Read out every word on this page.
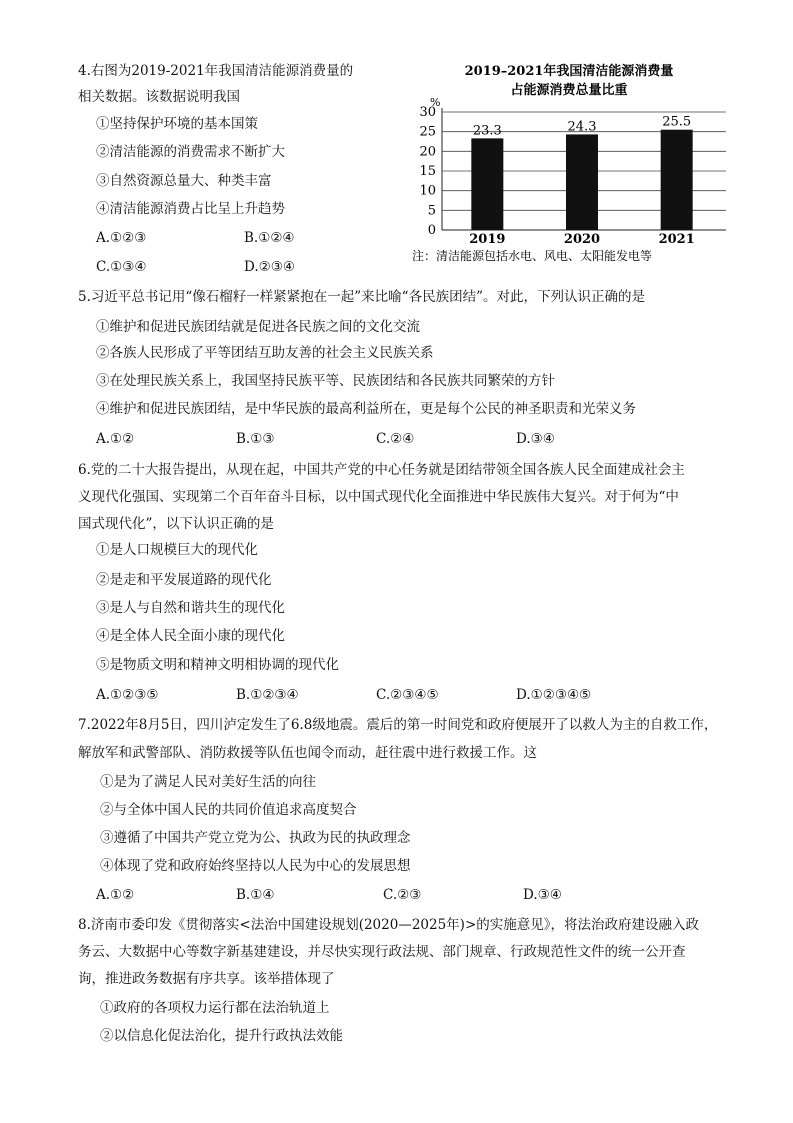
4.右图为2019-2021年我国清洁能源消费量的
相关数据。该数据说明我国
①坚持保护环境的基本国策
②清洁能源的消费需求不断扩大
③自然资源总量大、种类丰富
④清洁能源消费占比呈上升趋势
A.①②③	B.①②④
C.①③④	D.②③④
2019–2021年我国清洁能源消费量
占能源消费总量比重
%
0
5
10
15
20
25
30
23.3
2019
24.3
2020
25.5
2021
注：清洁能源包括水电、风电、太阳能发电等
5.习近平总书记用“像石榴籽一样紧紧抱在一起”来比喻“各民族团结”。对此，下列认识正确的是
①维护和促进民族团结就是促进各民族之间的文化交流
②各族人民形成了平等团结互助友善的社会主义民族关系
③在处理民族关系上，我国坚持民族平等、民族团结和各民族共同繁荣的方针
④维护和促进民族团结，是中华民族的最高利益所在，更是每个公民的神圣职责和光荣义务
A.①②	B.①③	C.②④	D.③④
6.党的二十大报告提出，从现在起，中国共产党的中心任务就是团结带领全国各族人民全面建成社会主
义现代化强国、实现第二个百年奋斗目标，以中国式现代化全面推进中华民族伟大复兴。对于何为“中
国式现代化”，以下认识正确的是
①是人口规模巨大的现代化
②是走和平发展道路的现代化
③是人与自然和谐共生的现代化
④是全体人民全面小康的现代化
⑤是物质文明和精神文明相协调的现代化
A.①②③⑤	B.①②③④	C.②③④⑤	D.①②③④⑤
7.2022年8月5日，四川泸定发生了6.8级地震。震后的第一时间党和政府便展开了以救人为主的自救工作，
解放军和武警部队、消防救援等队伍也闻令而动，赶往震中进行救援工作。这
①是为了满足人民对美好生活的向往
②与全体中国人民的共同价值追求高度契合
③遵循了中国共产党立党为公、执政为民的执政理念
④体现了党和政府始终坚持以人民为中心的发展思想
A.①②	B.①④	C.②③	D.③④
8.济南市委印发《贯彻落实<法治中国建设规划(2020—2025年)>的实施意见》，将法治政府建设融入政
务云、大数据中心等数字新基建建设，并尽快实现行政法规、部门规章、行政规范性文件的统一公开查
询，推进政务数据有序共享。该举措体现了
①政府的各项权力运行都在法治轨道上
②以信息化促法治化，提升行政执法效能
